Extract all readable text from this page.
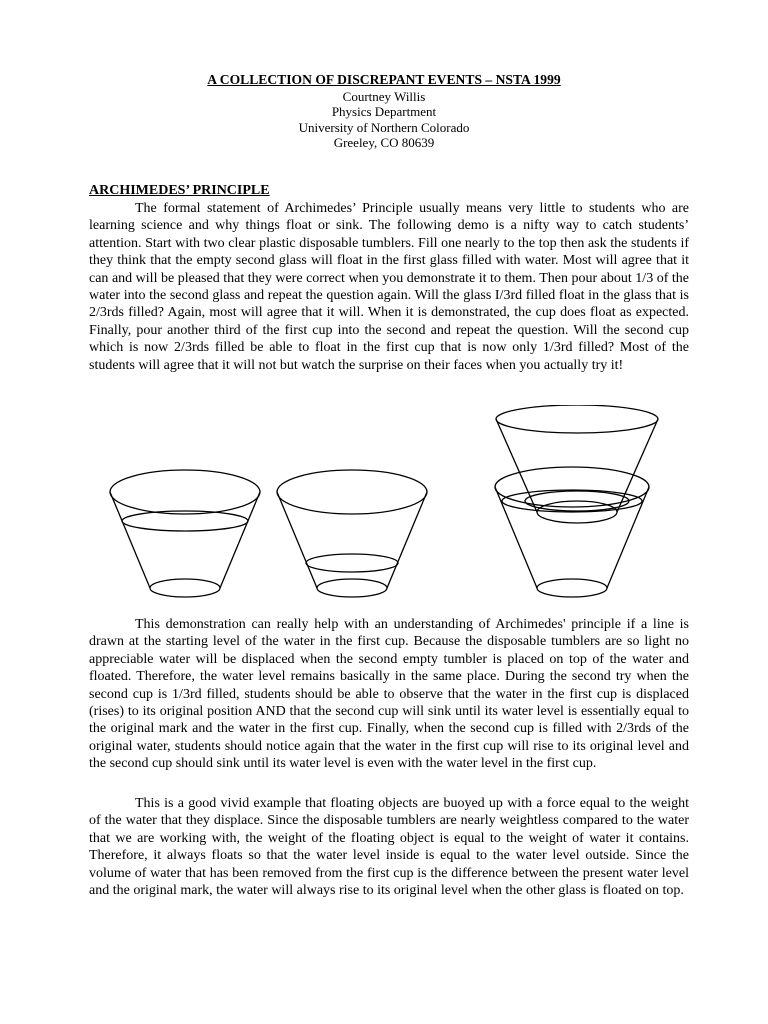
A COLLECTION OF DISCREPANT EVENTS – NSTA 1999
Courtney Willis
Physics Department
University of Northern Colorado
Greeley, CO 80639
ARCHIMEDES’ PRINCIPLE

The formal statement of Archimedes’ Principle usually means very little to students who are learning science and why things float or sink. The following demo is a nifty way to catch students’ attention. Start with two clear plastic disposable tumblers. Fill one nearly to the top then ask the students if they think that the empty second glass will float in the first glass filled with water. Most will agree that it can and will be pleased that they were correct when you demonstrate it to them. Then pour about 1/3 of the water into the second glass and repeat the question again. Will the glass I/3rd filled float in the glass that is 2/3rds filled? Again, most will agree that it will. When it is demonstrated, the cup does float as expected. Finally, pour another third of the first cup into the second and repeat the question. Will the second cup which is now 2/3rds filled be able to float in the first cup that is now only 1/3rd filled? Most of the students will agree that it will not but watch the surprise on their faces when you actually try it!

This demonstration can really help with an understanding of Archimedes' principle if a line is drawn at the starting level of the water in the first cup. Because the disposable tumblers are so light no appreciable water will be displaced when the second empty tumbler is placed on top of the water and floated. Therefore, the water level remains basically in the same place. During the second try when the second cup is 1/3rd filled, students should be able to observe that the water in the first cup is displaced (rises) to its original position AND that the second cup will sink until its water level is essentially equal to the original mark and the water in the first cup. Finally, when the second cup is filled with 2/3rds of the original water, students should notice again that the water in the first cup will rise to its original level and the second cup should sink until its water level is even with the water level in the first cup.

This is a good vivid example that floating objects are buoyed up with a force equal to the weight of the water that they displace. Since the disposable tumblers are nearly weightless compared to the water that we are working with, the weight of the floating object is equal to the weight of water it contains. Therefore, it always floats so that the water level inside is equal to the water level outside. Since the volume of water that has been removed from the first cup is the difference between the present water level and the original mark, the water will always rise to its original level when the other glass is floated on top.
